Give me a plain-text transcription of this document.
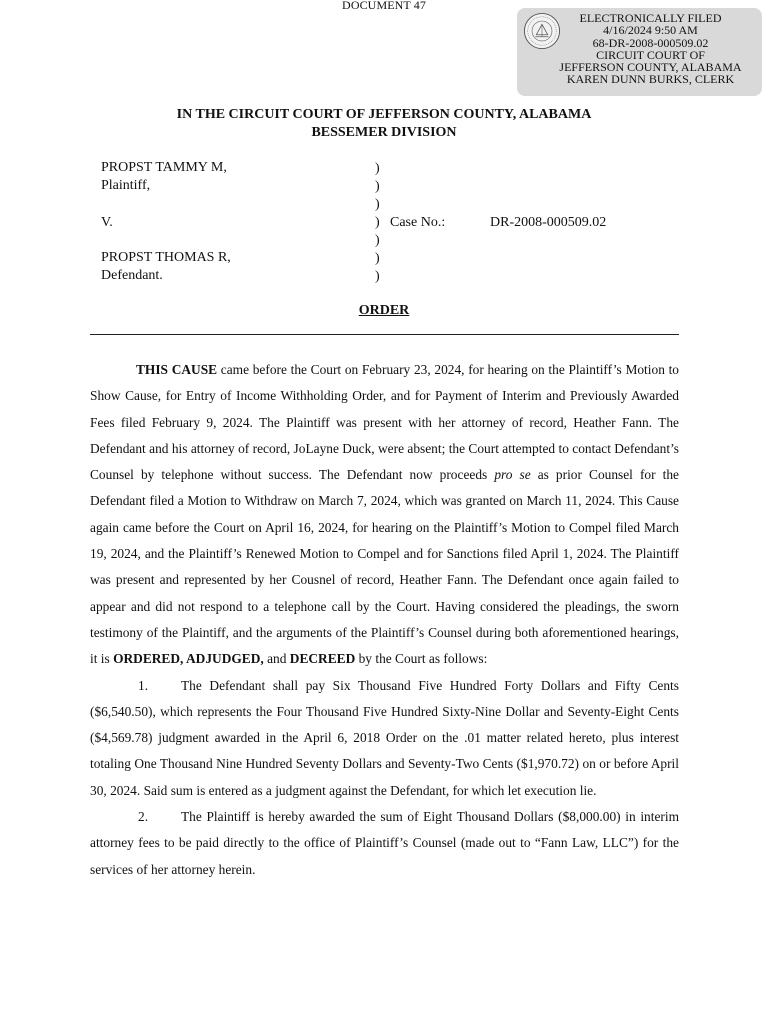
DOCUMENT 47
ELECTRONICALLY FILED
4/16/2024 9:50 AM
68-DR-2008-000509.02
CIRCUIT COURT OF
JEFFERSON COUNTY, ALABAMA
KAREN DUNN BURKS, CLERK
IN THE CIRCUIT COURT OF JEFFERSON COUNTY, ALABAMA
BESSEMER DIVISION
PROPST TAMMY M,
Plaintiff,
V.
PROPST THOMAS R,
Defendant.
)
)
)
)
)
)
)
Case No.:	DR-2008-000509.02
ORDER

THIS CAUSE came before the Court on February 23, 2024, for hearing on the Plaintiff’s Motion to Show Cause, for Entry of Income Withholding Order, and for Payment of Interim and Previously Awarded Fees filed February 9, 2024. The Plaintiff was present with her attorney of record, Heather Fann. The Defendant and his attorney of record, JoLayne Duck, were absent; the Court attempted to contact Defendant’s Counsel by telephone without success. The Defendant now proceeds pro se as prior Counsel for the Defendant filed a Motion to Withdraw on March 7, 2024, which was granted on March 11, 2024. This Cause again came before the Court on April 16, 2024, for hearing on the Plaintiff’s Motion to Compel filed March 19, 2024, and the Plaintiff’s Renewed Motion to Compel and for Sanctions filed April 1, 2024. The Plaintiff was present and represented by her Cousnel of record, Heather Fann. The Defendant once again failed to appear and did not respond to a telephone call by the Court. Having considered the pleadings, the sworn testimony of the Plaintiff, and the arguments of the Plaintiff’s Counsel during both aforementioned hearings, it is ORDERED, ADJUDGED, and DECREED by the Court as follows:

1. The Defendant shall pay Six Thousand Five Hundred Forty Dollars and Fifty Cents ($6,540.50), which represents the Four Thousand Five Hundred Sixty-Nine Dollar and Seventy-Eight Cents ($4,569.78) judgment awarded in the April 6, 2018 Order on the .01 matter related hereto, plus interest totaling One Thousand Nine Hundred Seventy Dollars and Seventy-Two Cents ($1,970.72) on or before April 30, 2024. Said sum is entered as a judgment against the Defendant, for which let execution lie.

2. The Plaintiff is hereby awarded the sum of Eight Thousand Dollars ($8,000.00) in interim attorney fees to be paid directly to the office of Plaintiff’s Counsel (made out to “Fann Law, LLC”) for the services of her attorney herein.
